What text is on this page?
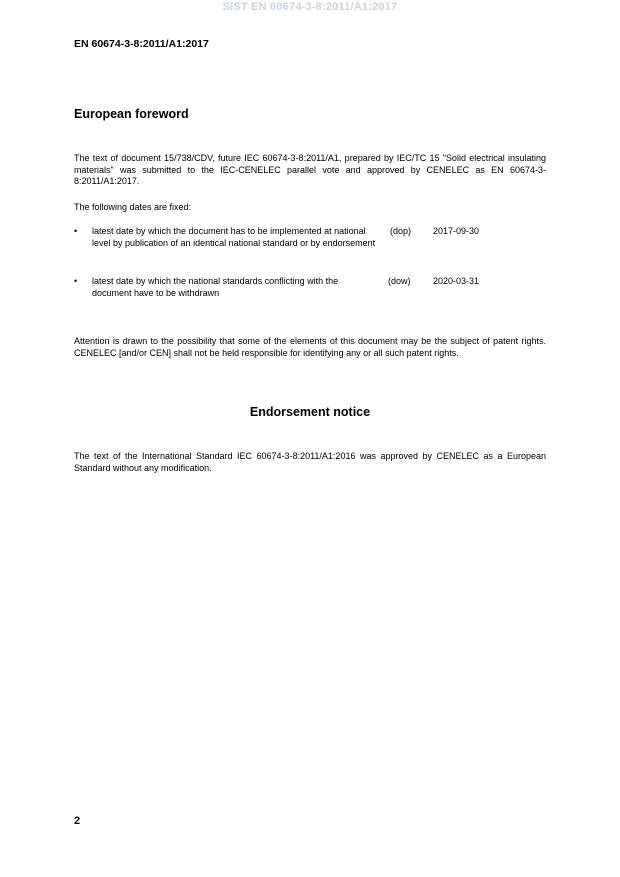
SIST EN 60674-3-8:2011/A1:2017
EN 60674-3-8:2011/A1:2017
European foreword

The text of document 15/738/CDV, future IEC 60674-3-8:2011/A1, prepared by IEC/TC 15 "Solid electrical insulating materials" was submitted to the IEC-CENELEC parallel vote and approved by CENELEC as EN 60674-3-8:2011/A1:2017.

The following dates are fixed:

• latest date by which the document has to be implemented at national level by publication of an identical national standard or by endorsement
(dop) 2017-09-30
• latest date by which the national standards conflicting with the document have to be withdrawn
(dow) 2020-03-31

Attention is drawn to the possibility that some of the elements of this document may be the subject of patent rights. CENELEC [and/or CEN] shall not be held responsible for identifying any or all such patent rights.

Endorsement notice

The text of the International Standard IEC 60674-3-8:2011/A1:2016 was approved by CENELEC as a European Standard without any modification.

2
